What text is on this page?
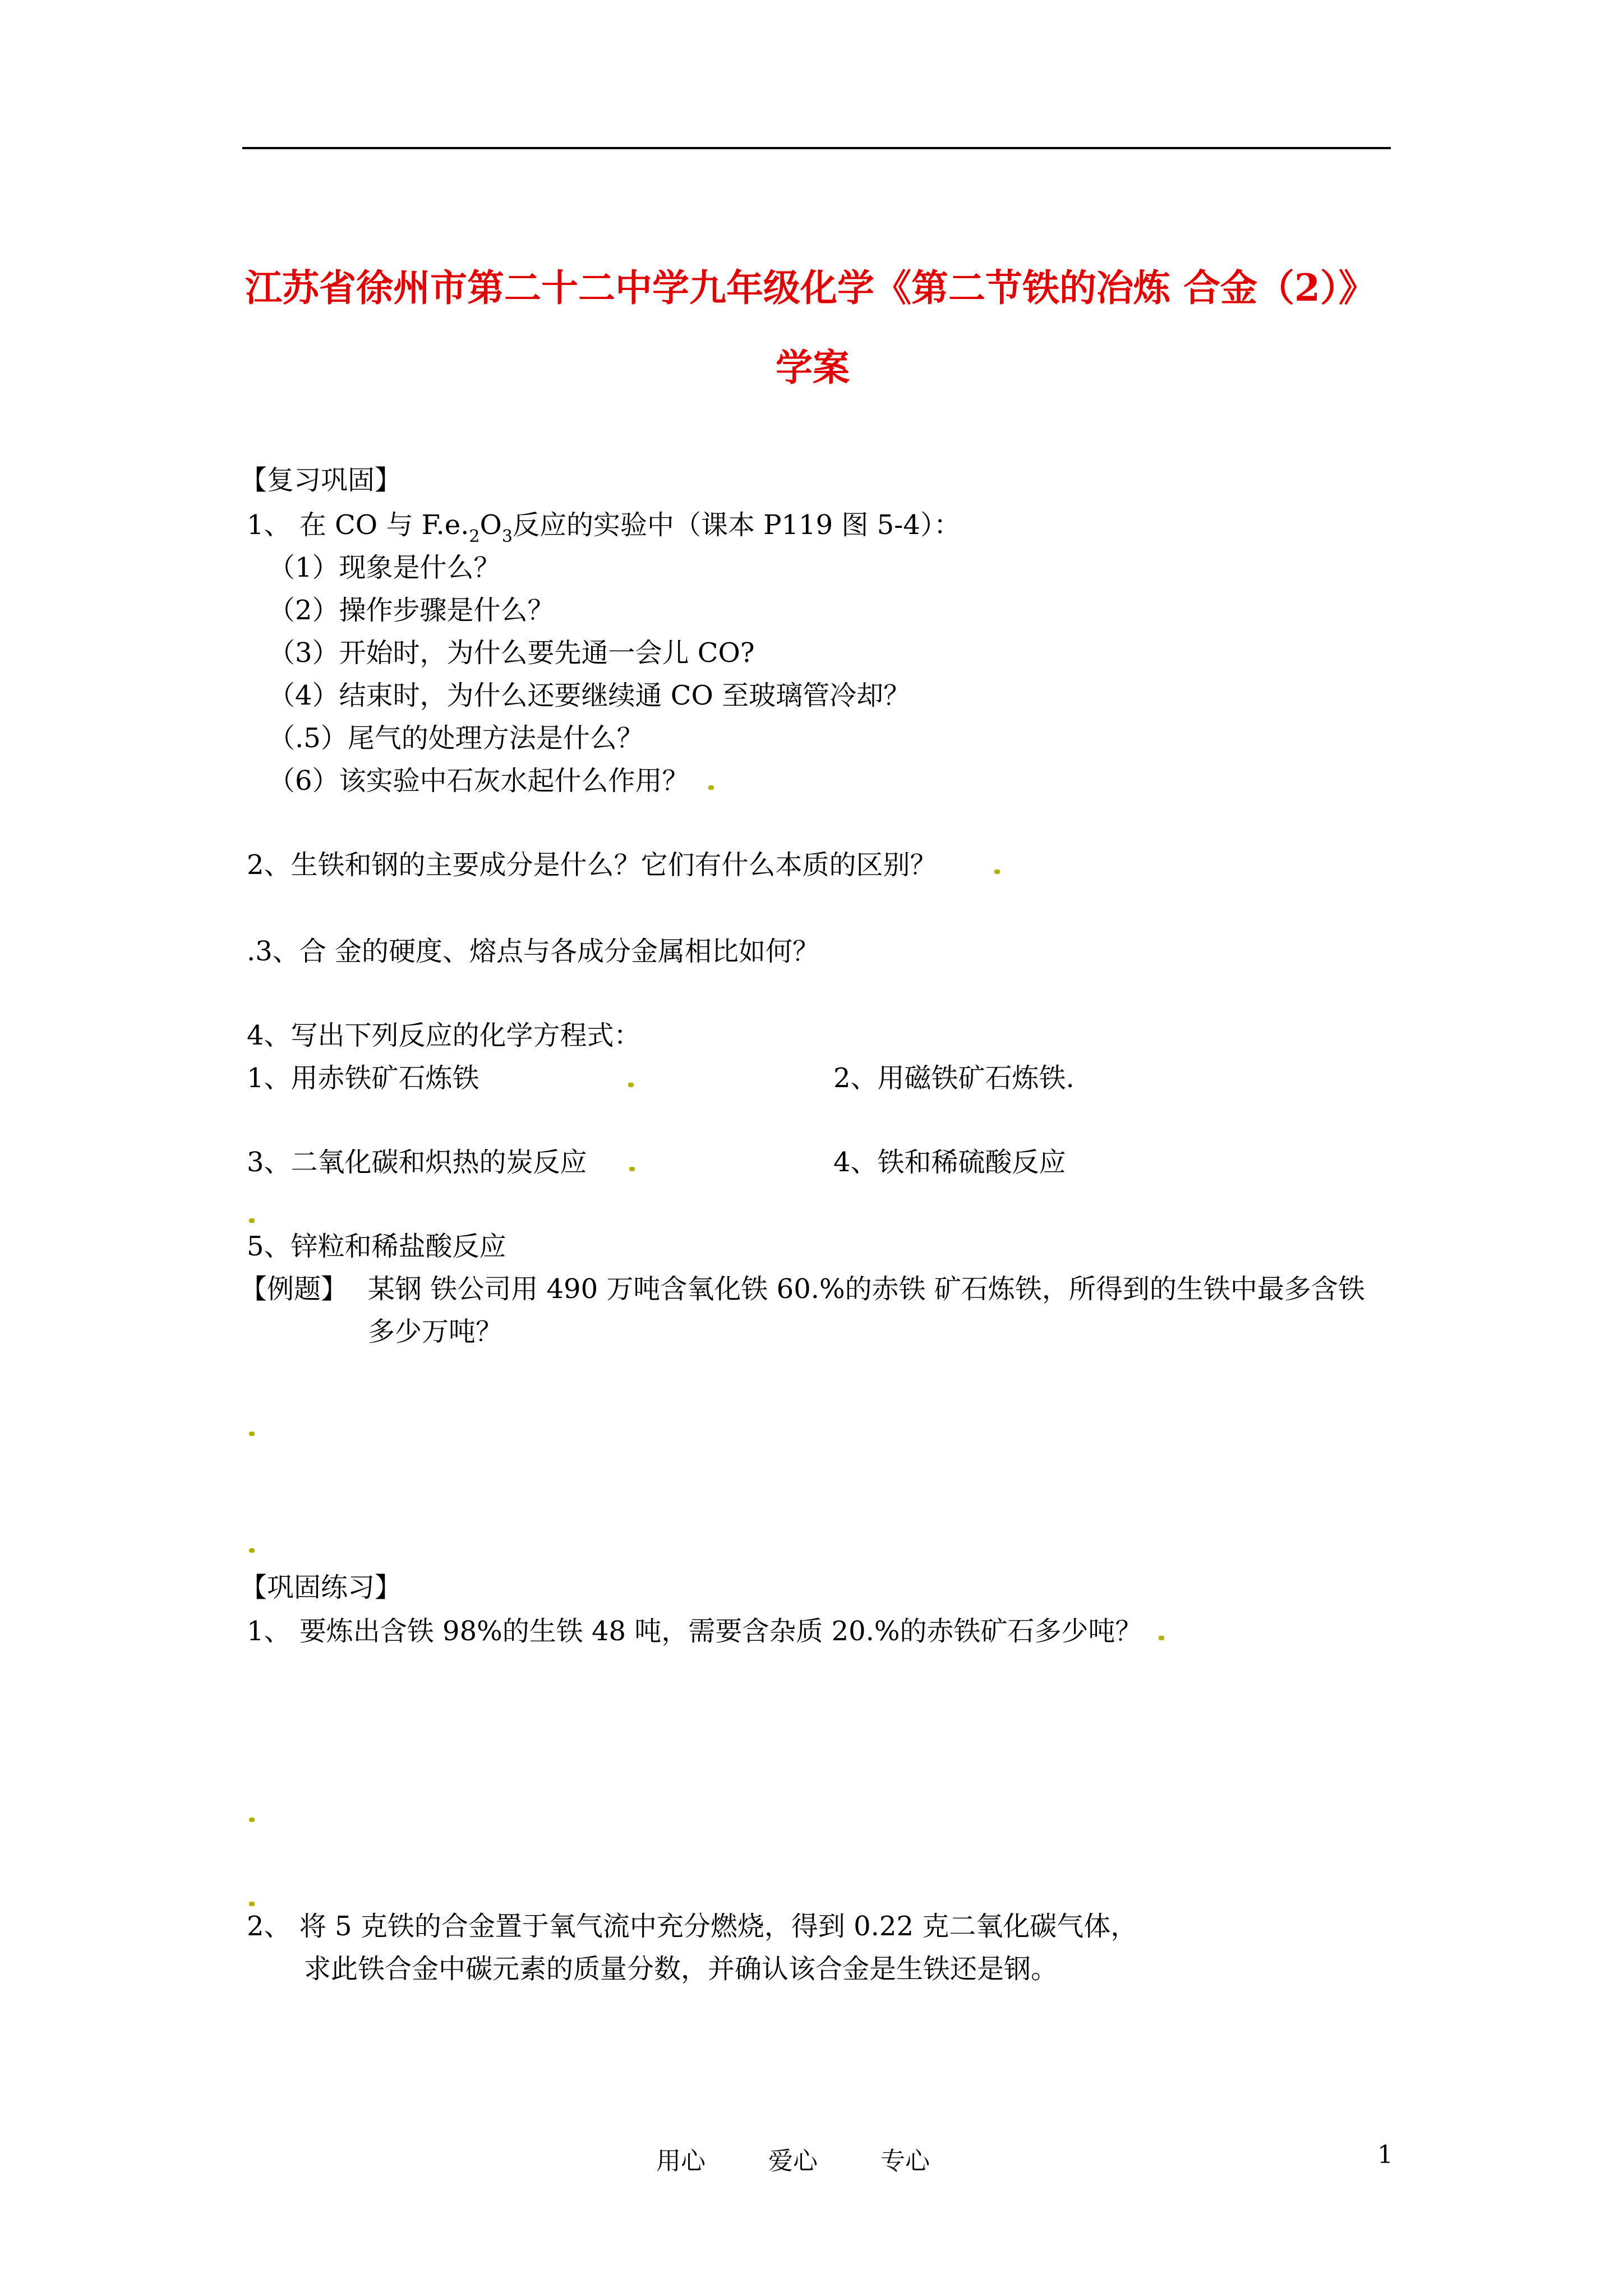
江苏省徐州市第二十二中学九年级化学《第二节铁的冶炼 合金（2）》
学案
【复习巩固】
1、 在 CO 与 $F.e._2O_3$反应的实验中（课本 P119 图 5-4）：
（1）现象是什么？
（2）操作步骤是什么？
（3）开始时，为什么要先通一会儿 CO?
（4）结束时，为什么还要继续通 CO 至玻璃管冷却？
（.5）尾气的处理方法是什么？
（6）该实验中石灰水起什么作用？
2、生铁和钢的主要成分是什么？它们有什么本质的区别？
.3、合 金的硬度、熔点与各成分金属相比如何？
4、写出下列反应的化学方程式：
1、用赤铁矿石炼铁	2、用磁铁矿石炼铁.
3、二氧化碳和炽热的炭反应	4、铁和稀硫酸反应
5、锌粒和稀盐酸反应
【例题】 某钢 铁公司用 490 万吨含氧化铁 60.%的赤铁 矿石炼铁，所得到的生铁中最多含铁
多少万吨？
【巩固练习】
1、 要炼出含铁 98%的生铁 48 吨，需要含杂质 20.%的赤铁矿石多少吨？
2、 将 5 克铁的合金置于氧气流中充分燃烧，得到 0.22 克二氧化碳气体，
求此铁合金中碳元素的质量分数，并确认该合金是生铁还是钢。
用心	爱心	专心	1
